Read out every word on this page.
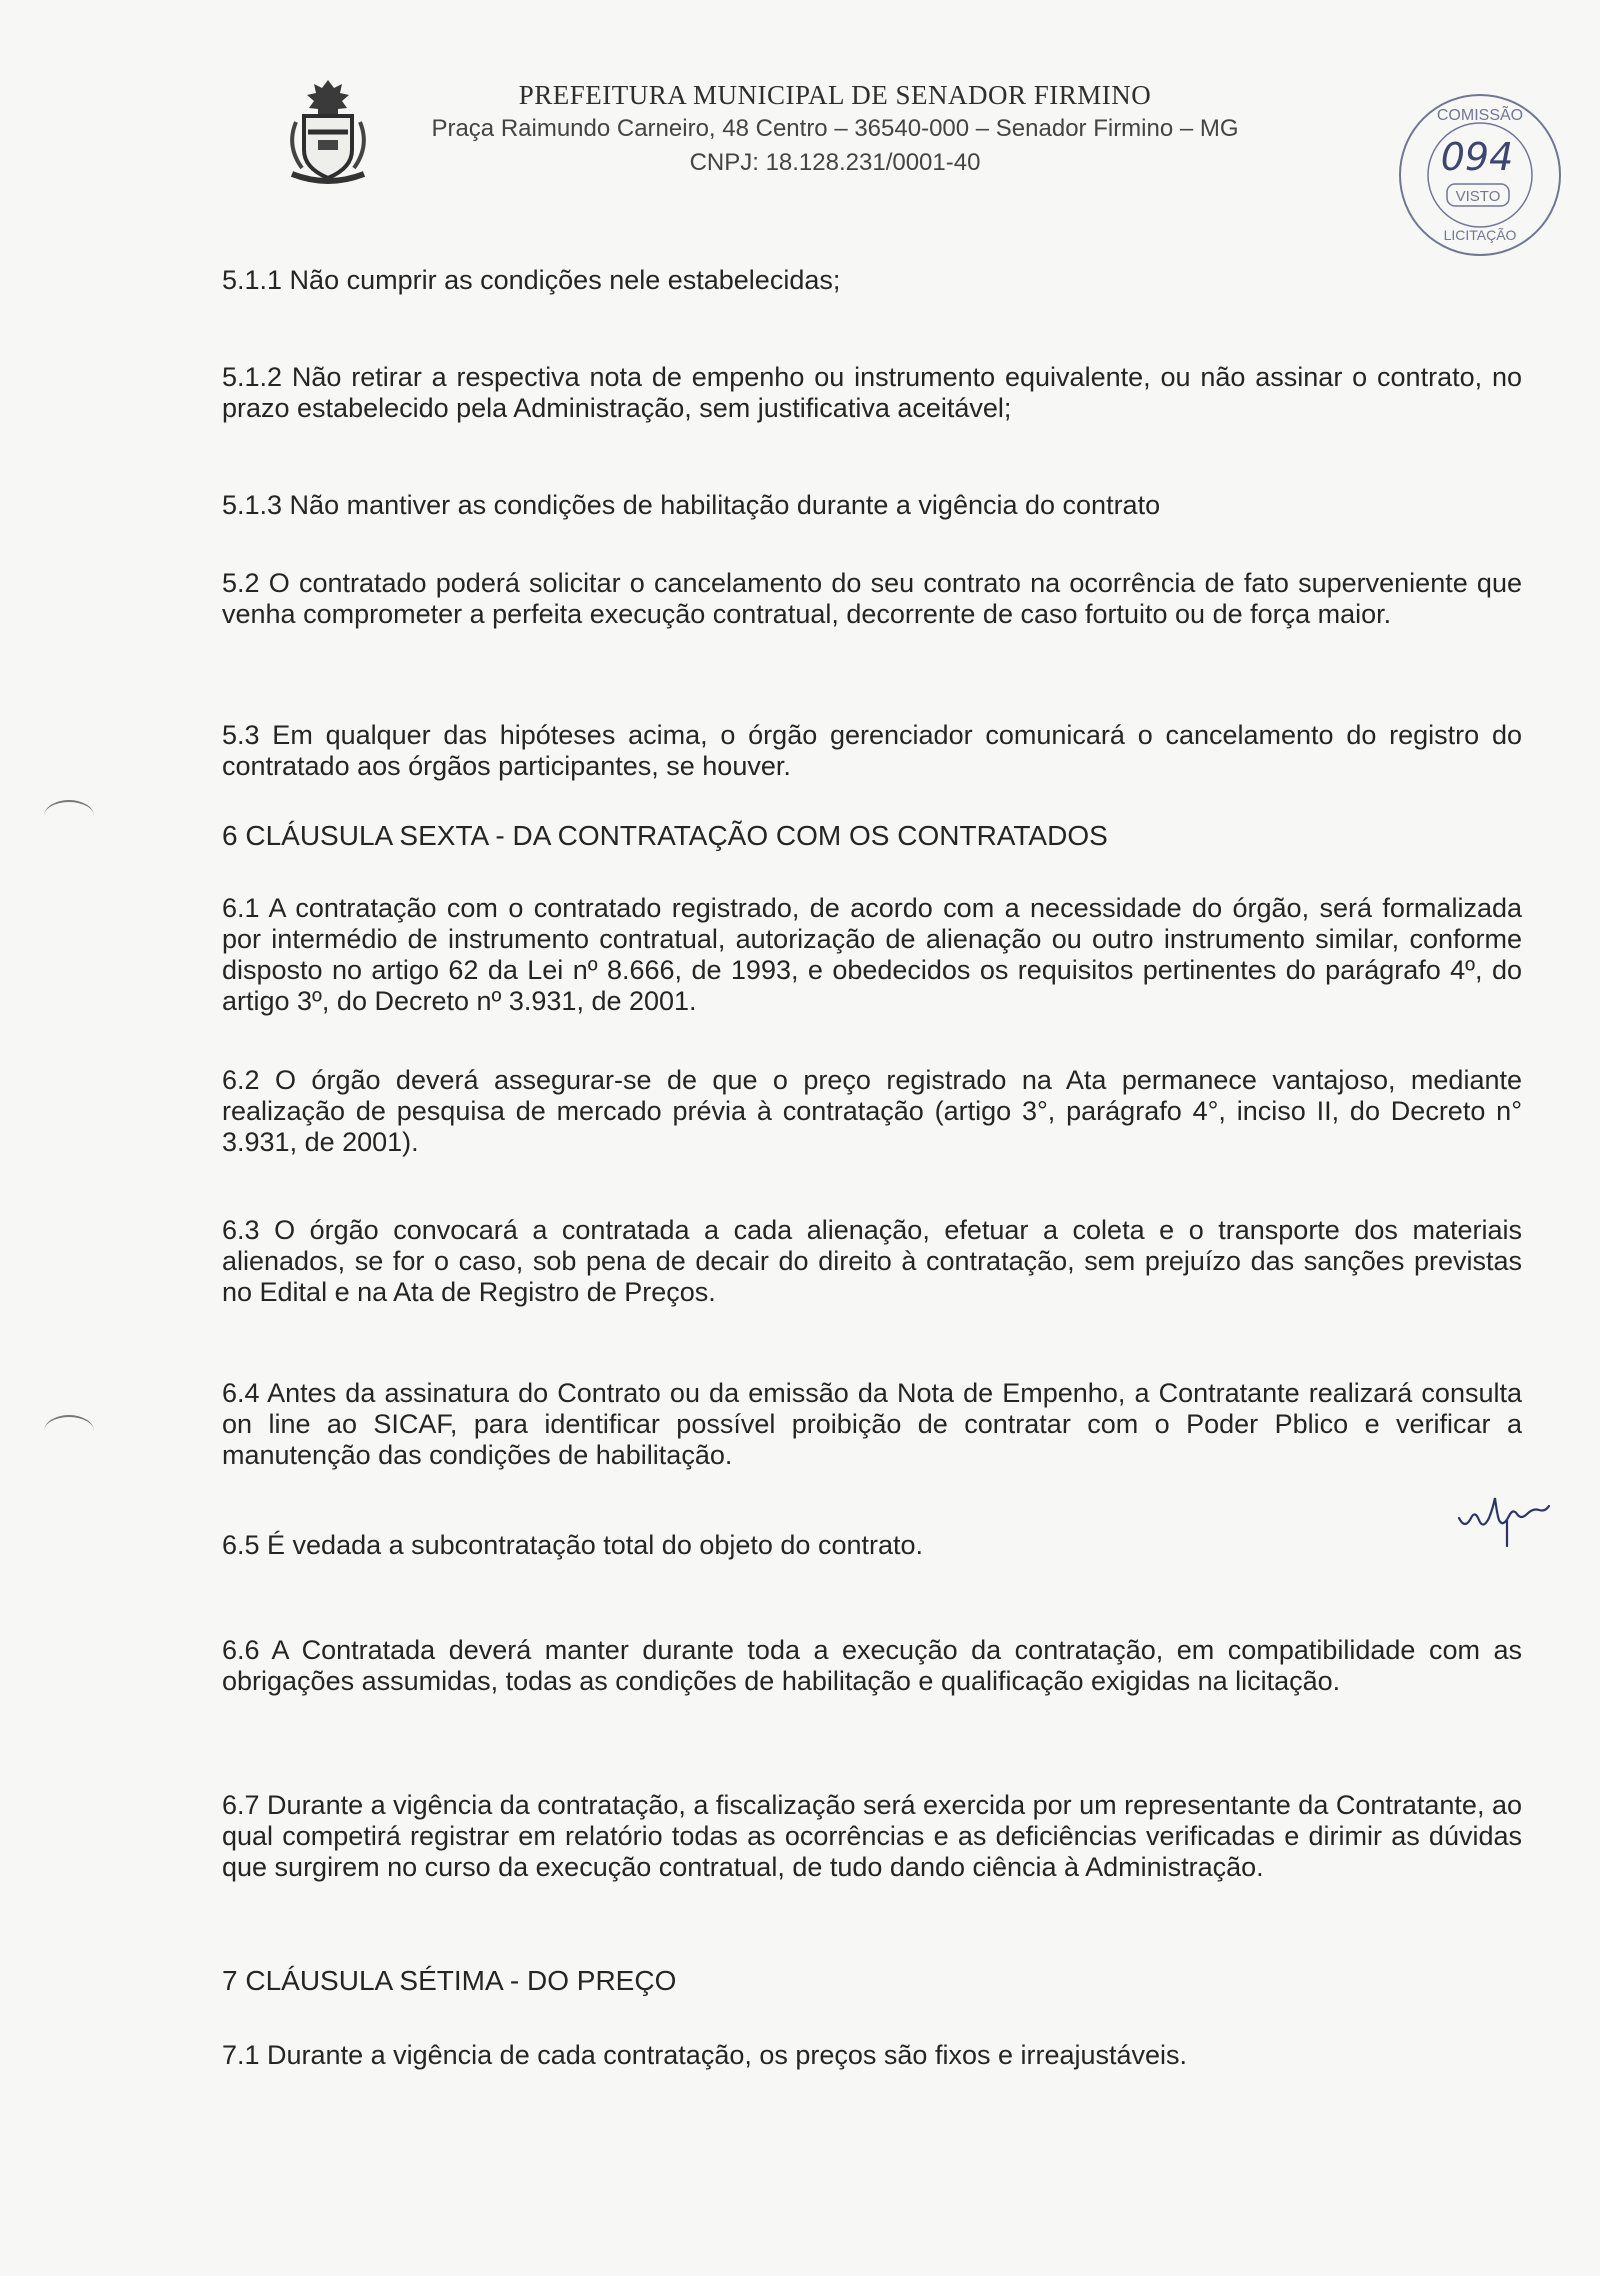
PREFEITURA MUNICIPAL DE SENADOR FIRMINO
Praça Raimundo Carneiro, 48 Centro – 36540-000 – Senador Firmino – MG
CNPJ: 18.128.231/0001-40
COMISSÃO
094
VISTO
LICITAÇÃO

5.1.1 Não cumprir as condições nele estabelecidas;

5.1.2 Não retirar a respectiva nota de empenho ou instrumento equivalente, ou não assinar o contrato, no prazo estabelecido pela Administração, sem justificativa aceitável;

5.1.3 Não mantiver as condições de habilitação durante a vigência do contrato

5.2 O contratado poderá solicitar o cancelamento do seu contrato na ocorrência de fato superveniente que venha comprometer a perfeita execução contratual, decorrente de caso fortuito ou de força maior.

5.3 Em qualquer das hipóteses acima, o órgão gerenciador comunicará o cancelamento do registro do contratado aos órgãos participantes, se houver.

6 CLÁUSULA SEXTA - DA CONTRATAÇÃO COM OS CONTRATADOS

6.1 A contratação com o contratado registrado, de acordo com a necessidade do órgão, será formalizada por intermédio de instrumento contratual, autorização de alienação ou outro instrumento similar, conforme disposto no artigo 62 da Lei nº 8.666, de 1993, e obedecidos os requisitos pertinentes do parágrafo 4º, do artigo 3º, do Decreto nº 3.931, de 2001.

6.2 O órgão deverá assegurar-se de que o preço registrado na Ata permanece vantajoso, mediante realização de pesquisa de mercado prévia à contratação (artigo 3°, parágrafo 4°, inciso II, do Decreto n° 3.931, de 2001).

6.3 O órgão convocará a contratada a cada alienação, efetuar a coleta e o transporte dos materiais alienados, se for o caso, sob pena de decair do direito à contratação, sem prejuízo das sanções previstas no Edital e na Ata de Registro de Preços.

6.4 Antes da assinatura do Contrato ou da emissão da Nota de Empenho, a Contratante realizará consulta on line ao SICAF, para identificar possível proibição de contratar com o Poder Pblico e verificar a manutenção das condições de habilitação.

6.5 É vedada a subcontratação total do objeto do contrato.

6.6 A Contratada deverá manter durante toda a execução da contratação, em compatibilidade com as obrigações assumidas, todas as condições de habilitação e qualificação exigidas na licitação.

6.7 Durante a vigência da contratação, a fiscalização será exercida por um representante da Contratante, ao qual competirá registrar em relatório todas as ocorrências e as deficiências verificadas e dirimir as dúvidas que surgirem no curso da execução contratual, de tudo dando ciência à Administração.

7 CLÁUSULA SÉTIMA - DO PREÇO

7.1 Durante a vigência de cada contratação, os preços são fixos e irreajustáveis.
